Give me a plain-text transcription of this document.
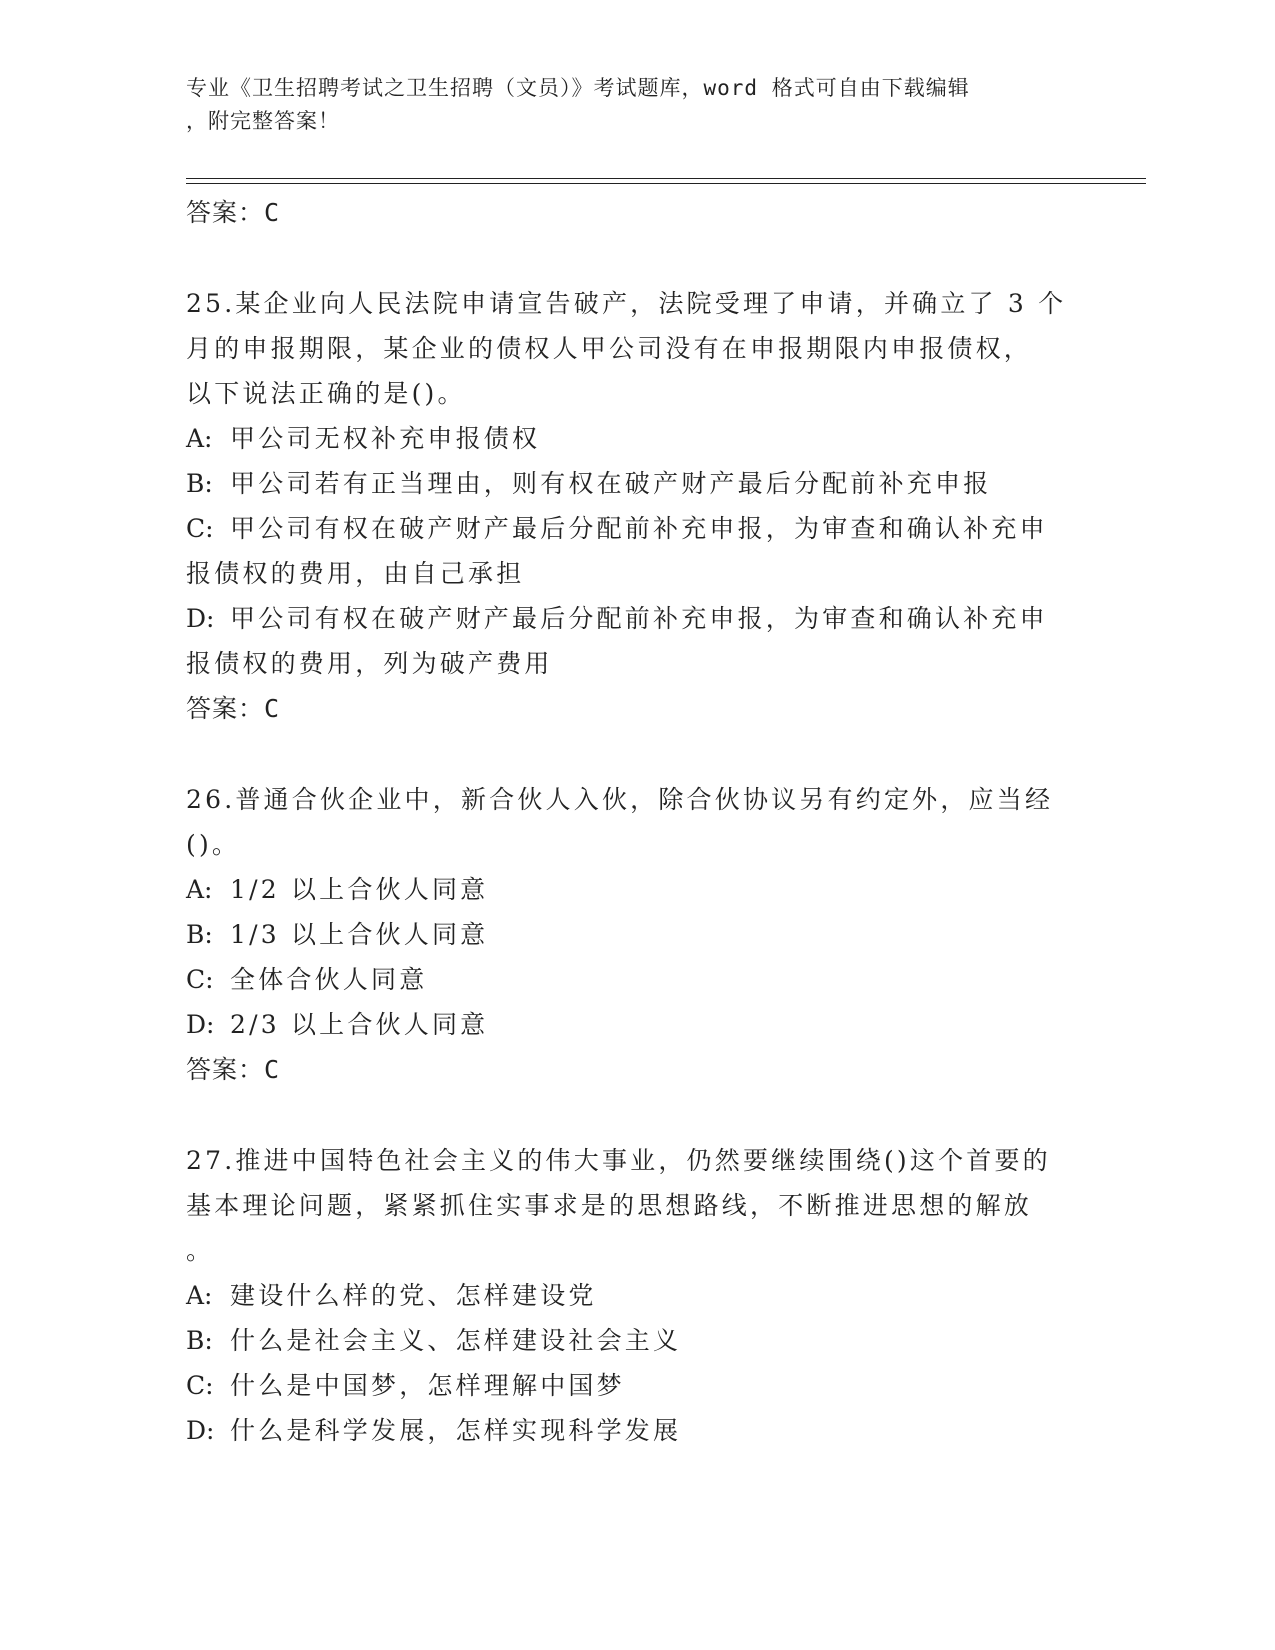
专业《卫生招聘考试之卫生招聘（文员）》考试题库，word 格式可自由下载编辑
，附完整答案！
答案：C
25.某企业向人民法院申请宣告破产，法院受理了申请，并确立了 3 个
月的申报期限，某企业的债权人甲公司没有在申报期限内申报债权，
以下说法正确的是()。
A: 甲公司无权补充申报债权
B: 甲公司若有正当理由，则有权在破产财产最后分配前补充申报
C: 甲公司有权在破产财产最后分配前补充申报，为审查和确认补充申
报债权的费用，由自己承担
D: 甲公司有权在破产财产最后分配前补充申报，为审查和确认补充申
报债权的费用，列为破产费用
答案：C
26.普通合伙企业中，新合伙人入伙，除合伙协议另有约定外，应当经
()。
A: 1/2 以上合伙人同意
B: 1/3 以上合伙人同意
C: 全体合伙人同意
D: 2/3 以上合伙人同意
答案：C
27.推进中国特色社会主义的伟大事业，仍然要继续围绕()这个首要的
基本理论问题，紧紧抓住实事求是的思想路线，不断推进思想的解放
。
A: 建设什么样的党、怎样建设党
B: 什么是社会主义、怎样建设社会主义
C: 什么是中国梦，怎样理解中国梦
D: 什么是科学发展，怎样实现科学发展
